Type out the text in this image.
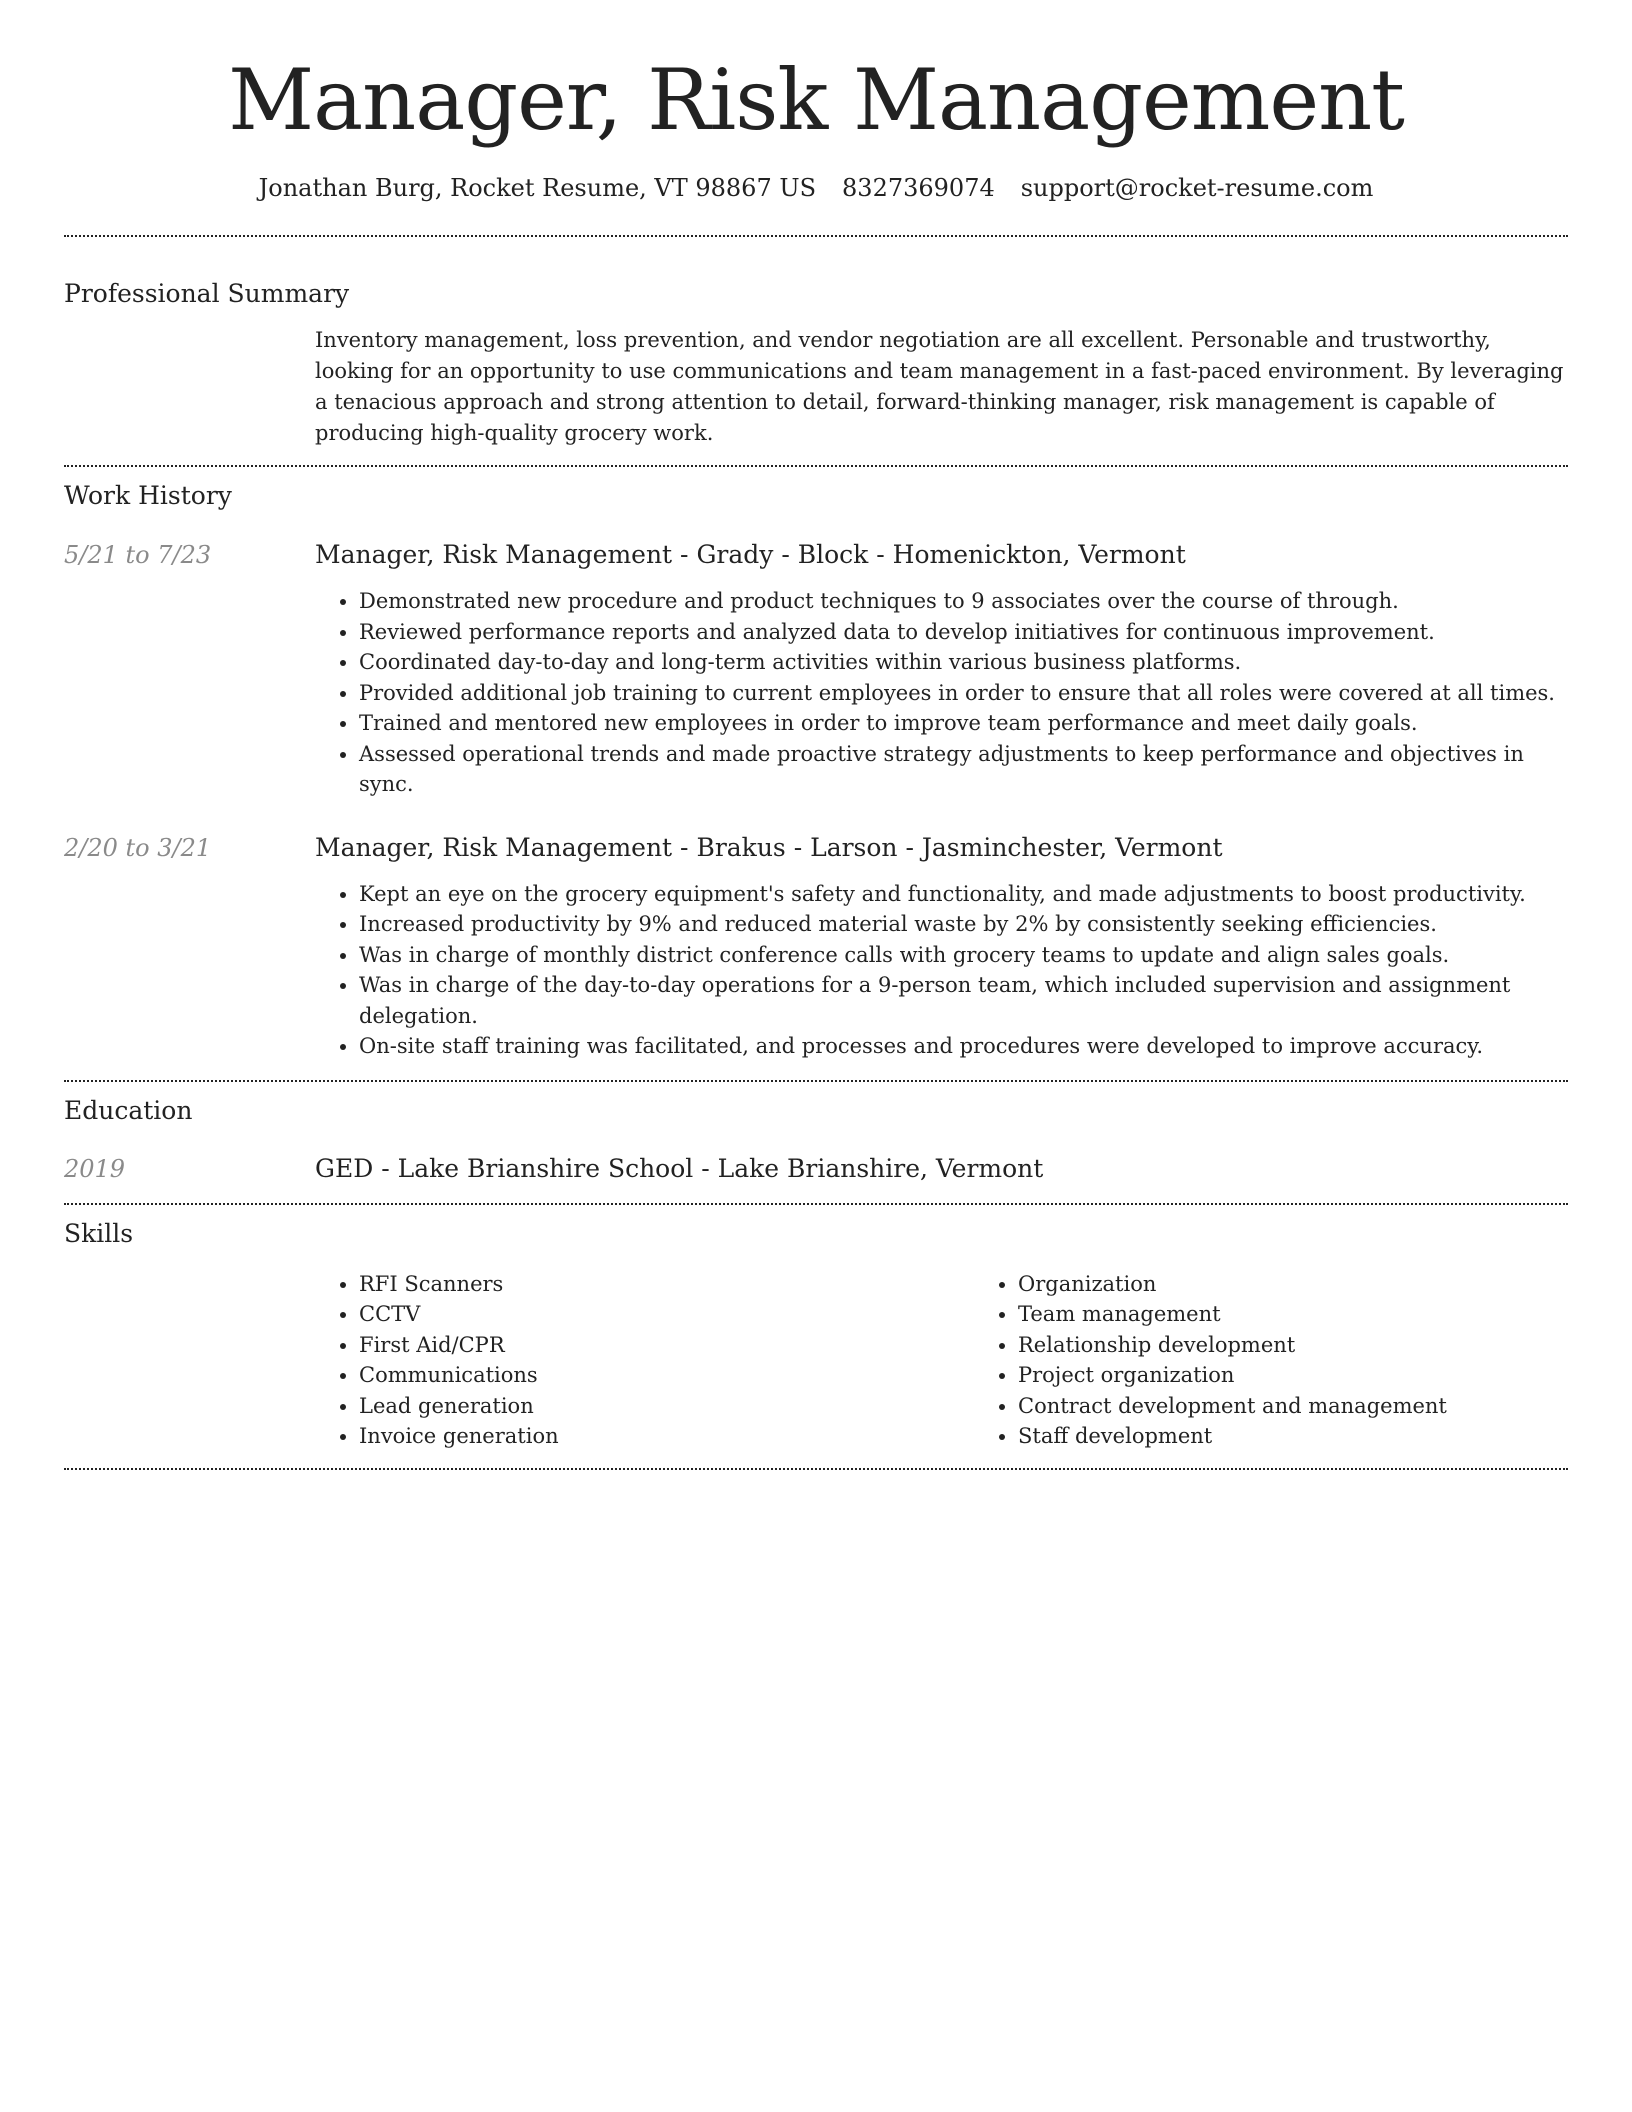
Manager, Risk Management
Jonathan Burg, Rocket Resume, VT 98867 US 8327369074 support@rocket-resume.com
Professional Summary

Inventory management, loss prevention, and vendor negotiation are all excellent. Personable and trustworthy, looking for an opportunity to use communications and team management in a fast-paced environment. By leveraging a tenacious approach and strong attention to detail, forward-thinking manager, risk management is capable of producing high-quality grocery work.

Work History
5/21 to 7/23	Manager, Risk Management - Grady - Block - Homenickton, Vermont
• Demonstrated new procedure and product techniques to 9 associates over the course of through.
• Reviewed performance reports and analyzed data to develop initiatives for continuous improvement.
• Coordinated day-to-day and long-term activities within various business platforms.
• Provided additional job training to current employees in order to ensure that all roles were covered at all times.
• Trained and mentored new employees in order to improve team performance and meet daily goals.
• Assessed operational trends and made proactive strategy adjustments to keep performance and objectives in sync.
2/20 to 3/21	Manager, Risk Management - Brakus - Larson - Jasminchester, Vermont
• Kept an eye on the grocery equipment's safety and functionality, and made adjustments to boost productivity.
• Increased productivity by 9% and reduced material waste by 2% by consistently seeking efficiencies.
• Was in charge of monthly district conference calls with grocery teams to update and align sales goals.
• Was in charge of the day-to-day operations for a 9-person team, which included supervision and assignment delegation.
• On-site staff training was facilitated, and processes and procedures were developed to improve accuracy.
Education
2019	GED - Lake Brianshire School - Lake Brianshire, Vermont
Skills
• RFI Scanners
• CCTV
• First Aid/CPR
• Communications
• Lead generation
• Invoice generation
• Organization
• Team management
• Relationship development
• Project organization
• Contract development and management
• Staff development
